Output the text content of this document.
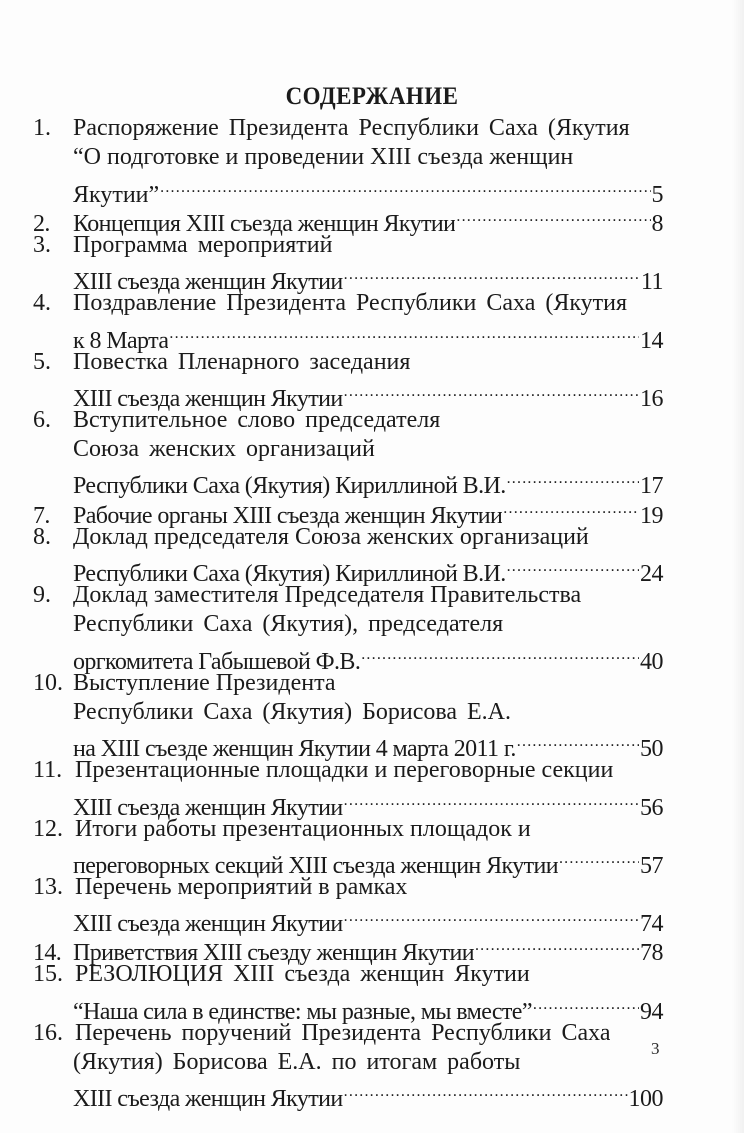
СОДЕРЖАНИЕ
1. Распоряжение Президента Республики Саха (Якутия
“О подготовке и проведении XIII съезда женщин
Якутии” .....	5
2. Концепция XIII съезда женщин Якутии .....	8
3. Программа мероприятий
XIII съезда женщин Якутии .....	11
4. Поздравление Президента Республики Саха (Якутия
к 8 Марта .....	14
5. Повестка Пленарного заседания
XIII съезда женщин Якутии .....	16
6. Вступительное слово председателя
Союза женских организаций
Республики Саха (Якутия) Кириллиной В.И. .....	17
7. Рабочие органы XIII съезда женщин Якутии .....	19
8. Доклад председателя Союза женских организаций
Республики Саха (Якутия) Кириллиной В.И. .....	24
9. Доклад заместителя Председателя Правительства
Республики Саха (Якутия), председателя
оргкомитета Габышевой Ф.В. .....	40
10. Выступление Президента
Республики Саха (Якутия) Борисова Е.А.
на XIII съезде женщин Якутии 4 марта 2011 г. .....	50
11. Презентационные площадки и переговорные секции
XIII съезда женщин Якутии .....	56
12. Итоги работы презентационных площадок и
переговорных секций XIII съезда женщин Якутии .....	57
13. Перечень мероприятий в рамках
XIII съезда женщин Якутии .....	74
14. Приветствия XIII съезду женщин Якутии .....	78
15. РЕЗОЛЮЦИЯ XIII съезда женщин Якутии
“Наша сила в единстве: мы разные, мы вместе” .....	94
16. Перечень поручений Президента Республики Саха
(Якутия) Борисова Е.А. по итогам работы
XIII съезда женщин Якутии .....	100
3
